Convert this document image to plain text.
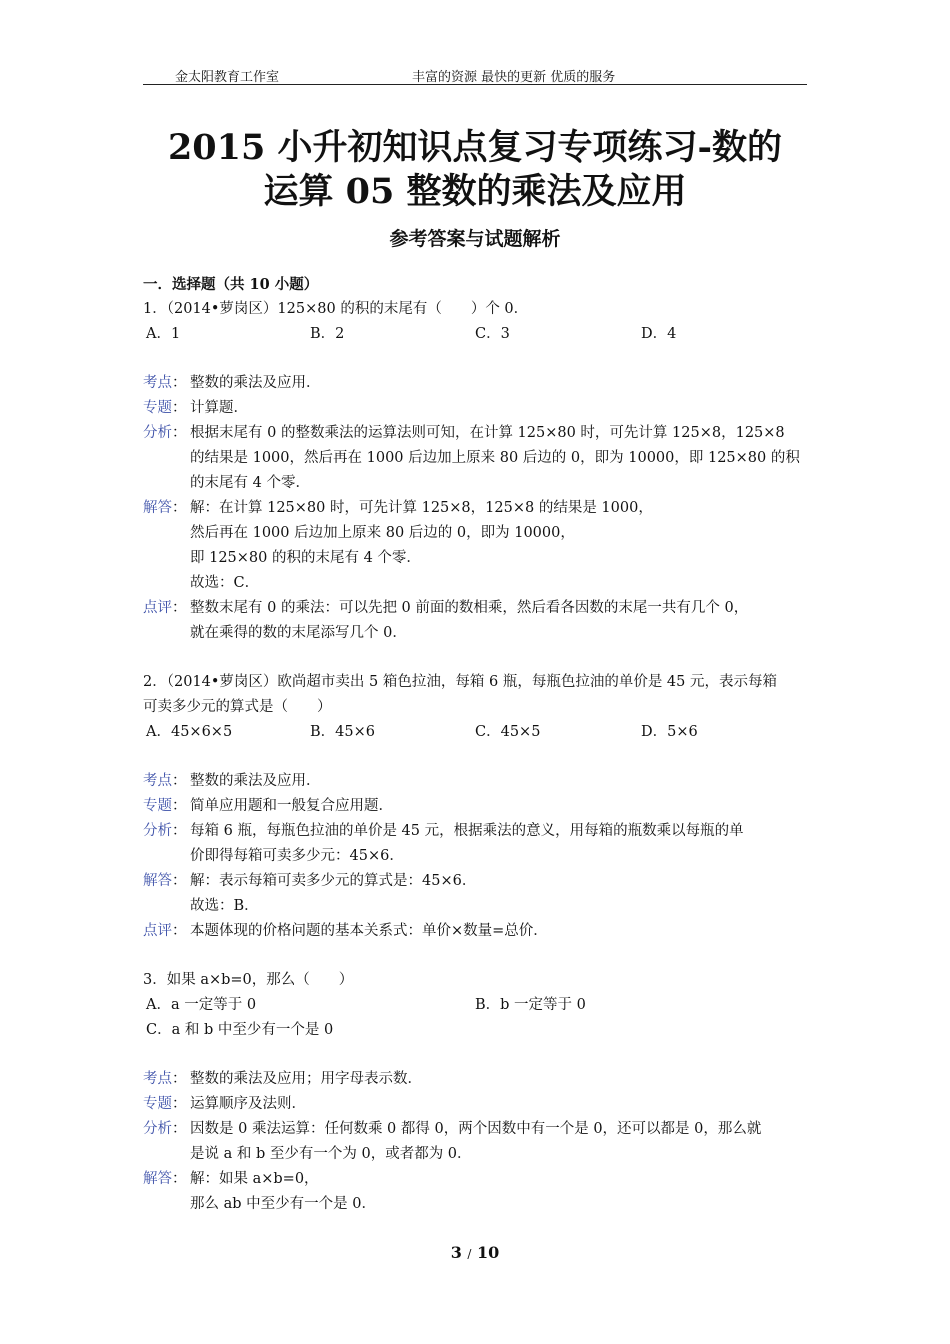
金太阳教育工作室	丰富的资源 最快的更新 优质的服务
2015 小升初知识点复习专项练习-数的
运算 05 整数的乘法及应用
参考答案与试题解析
一．选择题（共 10 小题）
1．（2014•萝岗区）125×80 的积的末尾有（　　）个 0．
A．1	B．2	C．3	D．4
考点： 整数的乘法及应用．
专题： 计算题．
分析： 根据末尾有 0 的整数乘法的运算法则可知，在计算 125×80 时，可先计算 125×8，125×8
的结果是 1000，然后再在 1000 后边加上原来 80 后边的 0，即为 10000，即 125×80 的积
的末尾有 4 个零．
解答： 解：在计算 125×80 时，可先计算 125×8，125×8 的结果是 1000，
然后再在 1000 后边加上原来 80 后边的 0，即为 10000，
即 125×80 的积的末尾有 4 个零．
故选：C．
点评： 整数末尾有 0 的乘法：可以先把 0 前面的数相乘，然后看各因数的末尾一共有几个 0，
就在乘得的数的末尾添写几个 0．
2．（2014•萝岗区）欧尚超市卖出 5 箱色拉油，每箱 6 瓶，每瓶色拉油的单价是 45 元，表示每箱
可卖多少元的算式是（　　）
A．45×6×5	B．45×6	C．45×5	D．5×6
考点： 整数的乘法及应用．
专题： 简单应用题和一般复合应用题．
分析： 每箱 6 瓶，每瓶色拉油的单价是 45 元，根据乘法的意义，用每箱的瓶数乘以每瓶的单
价即得每箱可卖多少元：45×6．
解答： 解：表示每箱可卖多少元的算式是：45×6．
故选：B．
点评： 本题体现的价格问题的基本关系式：单价×数量=总价．
3．如果 a×b=0，那么（　　）
A．a 一定等于 0	B．b 一定等于 0
C．a 和 b 中至少有一个是 0
考点： 整数的乘法及应用；用字母表示数．
专题： 运算顺序及法则．
分析： 因数是 0 乘法运算：任何数乘 0 都得 0，两个因数中有一个是 0，还可以都是 0，那么就
是说 a 和 b 至少有一个为 0，或者都为 0．
解答： 解：如果 a×b=0，
那么 ab 中至少有一个是 0．
3 / 10
